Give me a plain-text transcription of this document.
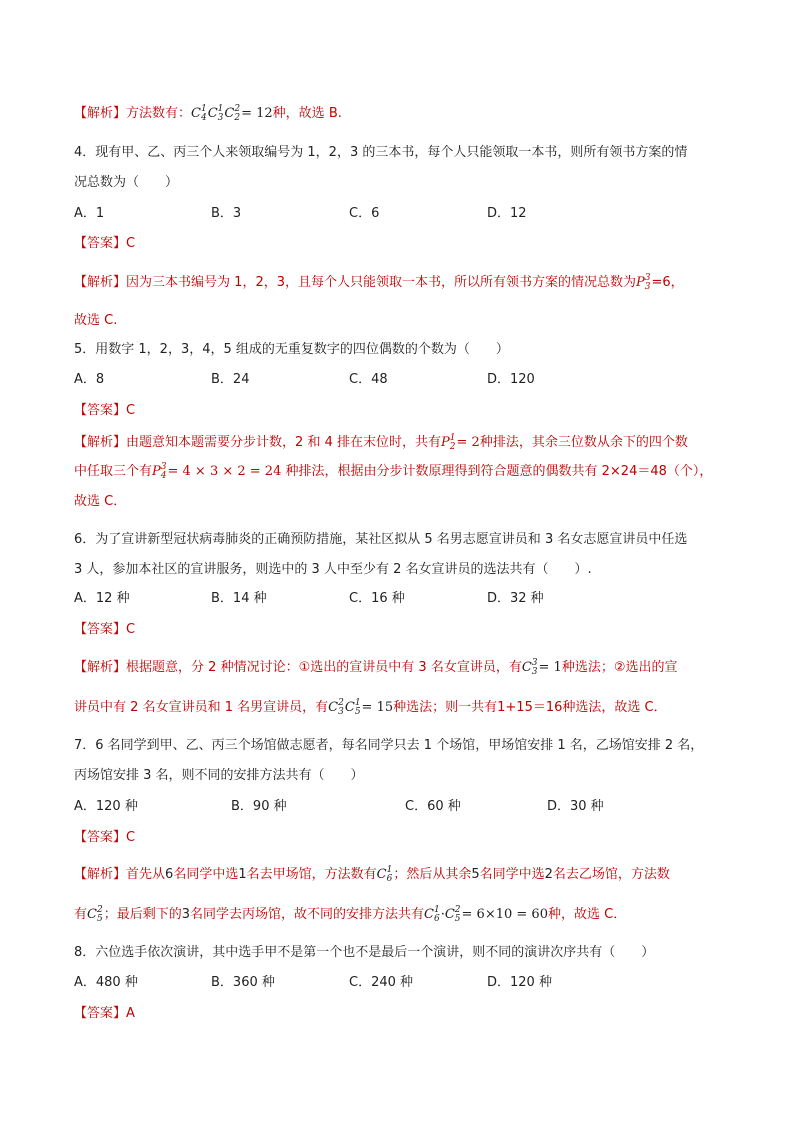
【解析】方法数有：C 1
4 C 1
3 C 2
2 = 12种，故选 B.
4．现有甲、乙、丙三个人来领取编号为 1，2，3 的三本书，每个人只能领取一本书，则所有领书方案的情
况总数为（　　）
A．1	B．3	C．6	D．12
【答案】C
【解析】因为三本书编号为 1，2，3，且每个人只能领取一本书，所以所有领书方案的情况总数为P 3
3 =6，
故选 C.
5．用数字 1，2，3，4，5 组成的无重复数字的四位偶数的个数为（　　）
A．8	B．24	C．48	D．120
【答案】C
【解析】由题意知本题需要分步计数，2 和 4 排在末位时，共有P 1
2 = 2种排法，其余三位数从余下的四个数
中任取三个有P 3
4 = 4 × 3 × 2 = 24 种排法，根据由分步计数原理得到符合题意的偶数共有 2×24＝48（个），
故选 C．
6．为了宣讲新型冠状病毒肺炎的正确预防措施，某社区拟从 5 名男志愿宣讲员和 3 名女志愿宣讲员中任选
3 人，参加本社区的宣讲服务，则选中的 3 人中至少有 2 名女宣讲员的选法共有（　　）.
A．12 种	B．14 种	C．16 种	D．32 种
【答案】C
【解析】根据题意，分 2 种情况讨论：①选出的宣讲员中有 3 名女宣讲员，有C 3
3 = 1种选法；②选出的宣
讲员中有 2 名女宣讲员和 1 名男宣讲员，有C 2
3 C 1
5 = 15种选法；则一共有1+15＝16种选法，故选 C．
7．6 名同学到甲、乙、丙三个场馆做志愿者，每名同学只去 1 个场馆，甲场馆安排 1 名，乙场馆安排 2 名，
丙场馆安排 3 名，则不同的安排方法共有（　　）
A．120 种	B．90 种	C．60 种	D．30 种
【答案】C
【解析】首先从6名同学中选1名去甲场馆，方法数有C 1
6 ；然后从其余5名同学中选2名去乙场馆，方法数
有C 2
5 ；最后剩下的3名同学去丙场馆，故不同的安排方法共有C 1
6 ·C 2
5 = 6×10 = 60种，故选 C．
8．六位选手依次演讲，其中选手甲不是第一个也不是最后一个演讲，则不同的演讲次序共有（　　）
A．480 种	B．360 种	C．240 种	D．120 种
【答案】A
